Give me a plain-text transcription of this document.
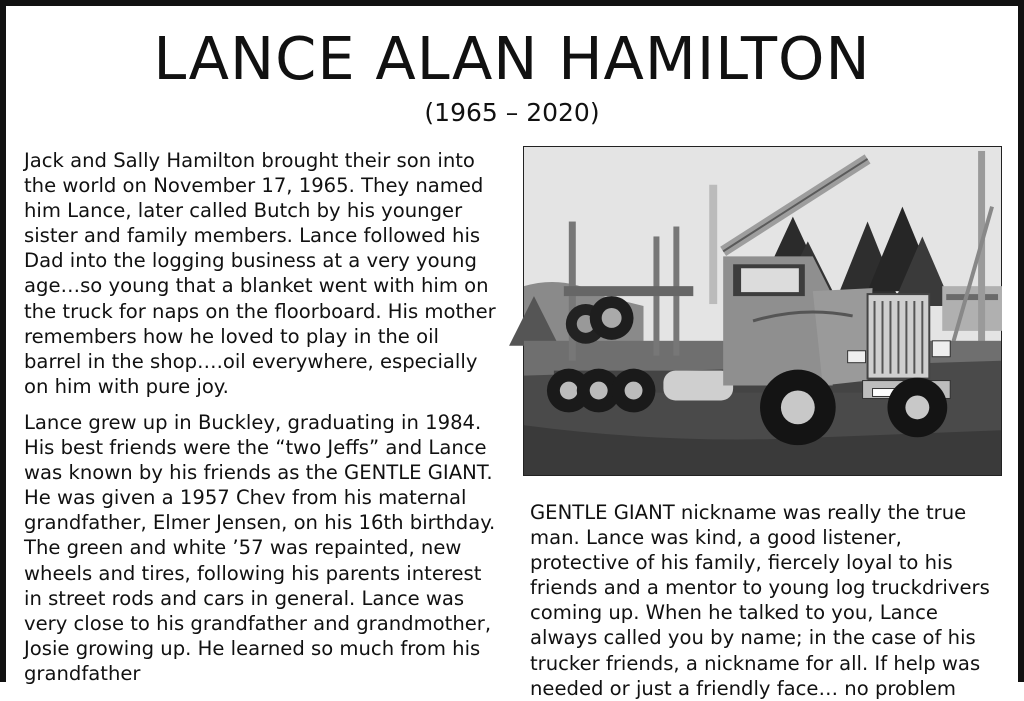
LANCE ALAN HAMILTON
(1965 – 2020)

Jack and Sally Hamilton brought their son into the world on November 17, 1965. They named him Lance, later called Butch by his younger sister and family members. Lance followed his Dad into the logging business at a very young age…so young that a blanket went with him on the truck for naps on the floorboard. His mother remembers how he loved to play in the oil barrel in the shop….oil everywhere, especially on him with pure joy.

Lance grew up in Buckley, graduating in 1984. His best friends were the “two Jeffs” and Lance was known by his friends as the GENTLE GIANT. He was given a 1957 Chev from his maternal grandfather, Elmer Jensen, on his 16th birthday. The green and white ’57 was repainted, new wheels and tires, following his parents interest in street rods and cars in general. Lance was very close to his grandfather and grandmother, Josie growing up. He learned so much from his grandfather

GENTLE GIANT nickname was really the true man. Lance was kind, a good listener, protective of his family, fiercely loyal to his friends and a mentor to young log truckdrivers coming up. When he talked to you, Lance always called you by name; in the case of his trucker friends, a nickname for all. If help was needed or just a friendly face… no problem
